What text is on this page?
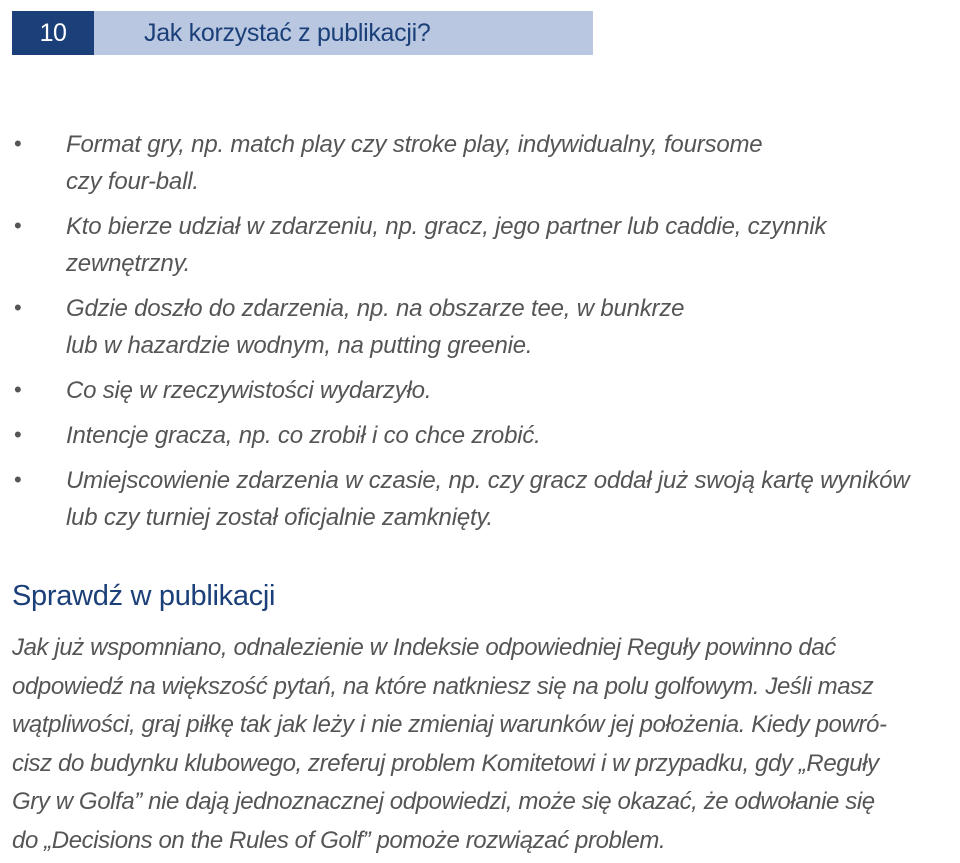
10	Jak korzystać z publikacji?
• Format gry, np. match play czy stroke play, indywidualny, foursome
czy four-ball.
• Kto bierze udział w zdarzeniu, np. gracz, jego partner lub caddie, czynnik
zewnętrzny.
• Gdzie doszło do zdarzenia, np. na obszarze tee, w bunkrze
lub w hazardzie wodnym, na putting greenie.
• Co się w rzeczywistości wydarzyło.
• Intencje gracza, np. co zrobił i co chce zrobić.
• Umiejscowienie zdarzenia w czasie, np. czy gracz oddał już swoją kartę wyników
lub czy turniej został oficjalnie zamknięty.
Sprawdź w publikacji

Jak już wspomniano, odnalezienie w Indeksie odpowiedniej Reguły powinno dać
odpowiedź na większość pytań, na które natkniesz się na polu golfowym. Jeśli masz
wątpliwości, graj piłkę tak jak leży i nie zmieniaj warunków jej położenia. Kiedy powró-
cisz do budynku klubowego, zreferuj problem Komitetowi i w przypadku, gdy „Reguły
Gry w Golfa” nie dają jednoznacznej odpowiedzi, może się okazać, że odwołanie się
do „Decisions on the Rules of Golf” pomoże rozwiązać problem.
